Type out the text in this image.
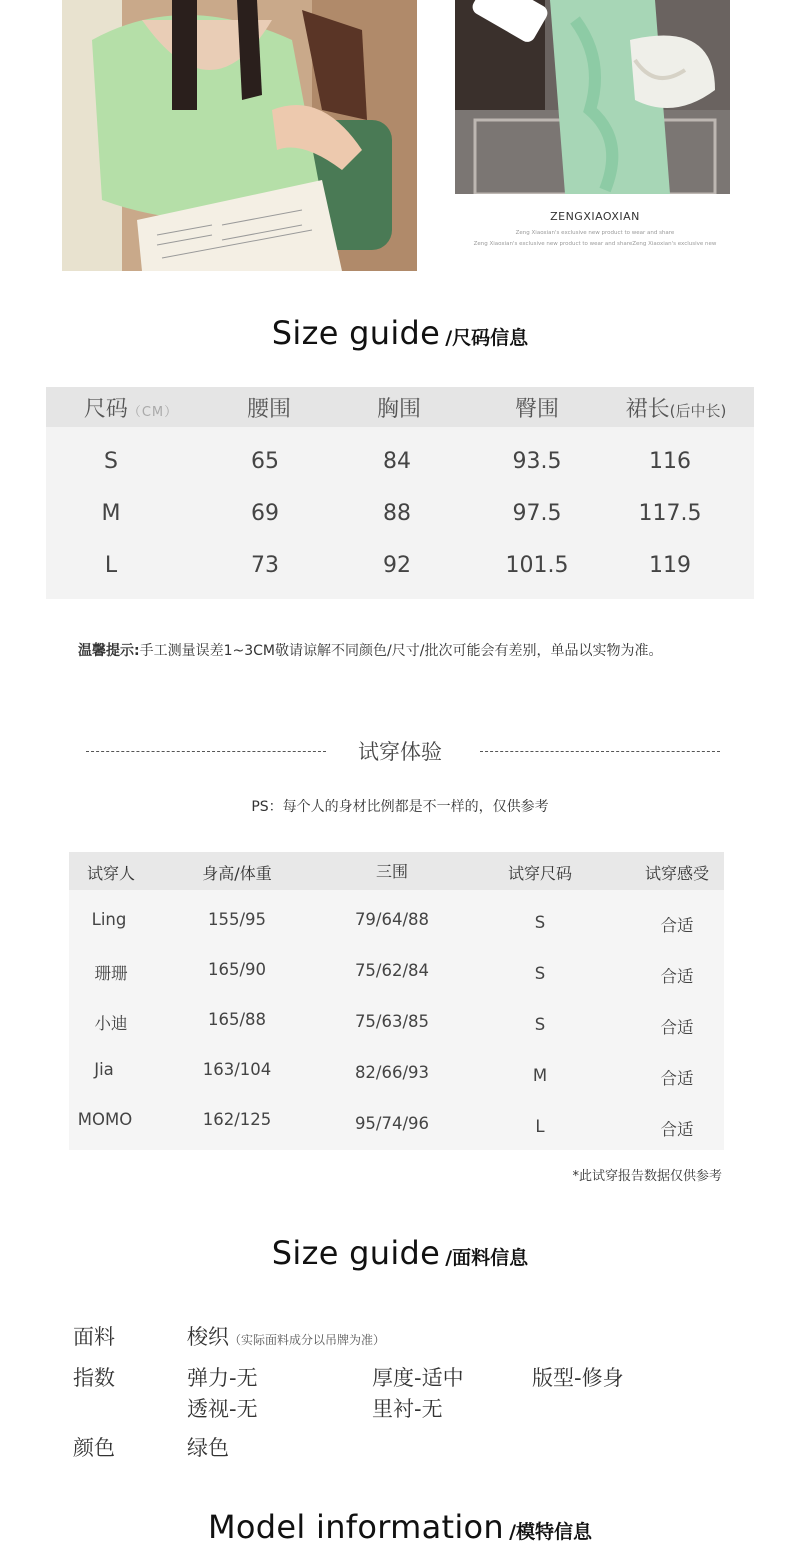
ZENGXIAOXIAN
Zeng Xiaoxian's exclusive new product to wear and share
Zeng Xiaoxian's exclusive new product to wear and shareZeng Xiaoxian's exclusive new
Size guide /尺码信息
尺码（CM）	腰围	胸围	臀围	裙长(后中长)
S	65	84	93.5	116
M	69	88	97.5	117.5
L	73	92	101.5	119
温馨提示:手工测量误差1~3CM敬请谅解不同颜色/尺寸/批次可能会有差别，单品以实物为准。
试穿体验
PS：每个人的身材比例都是不一样的，仅供参考
试穿人	身高/体重	三围	试穿尺码	试穿感受
Ling	155/95	79/64/88	S	合适
珊珊	165/90	75/62/84	S	合适
小迪	165/88	75/63/85	S	合适
Jia	163/104	82/66/93	M	合适
MOMO	162/125	95/74/96	L	合适
*此试穿报告数据仅供参考
Size guide /面料信息
面料	梭织（实际面料成分以吊牌为准）
指数	弹力-无	厚度-适中	版型-修身
透视-无	里衬-无
颜色	绿色
Model information /模特信息
